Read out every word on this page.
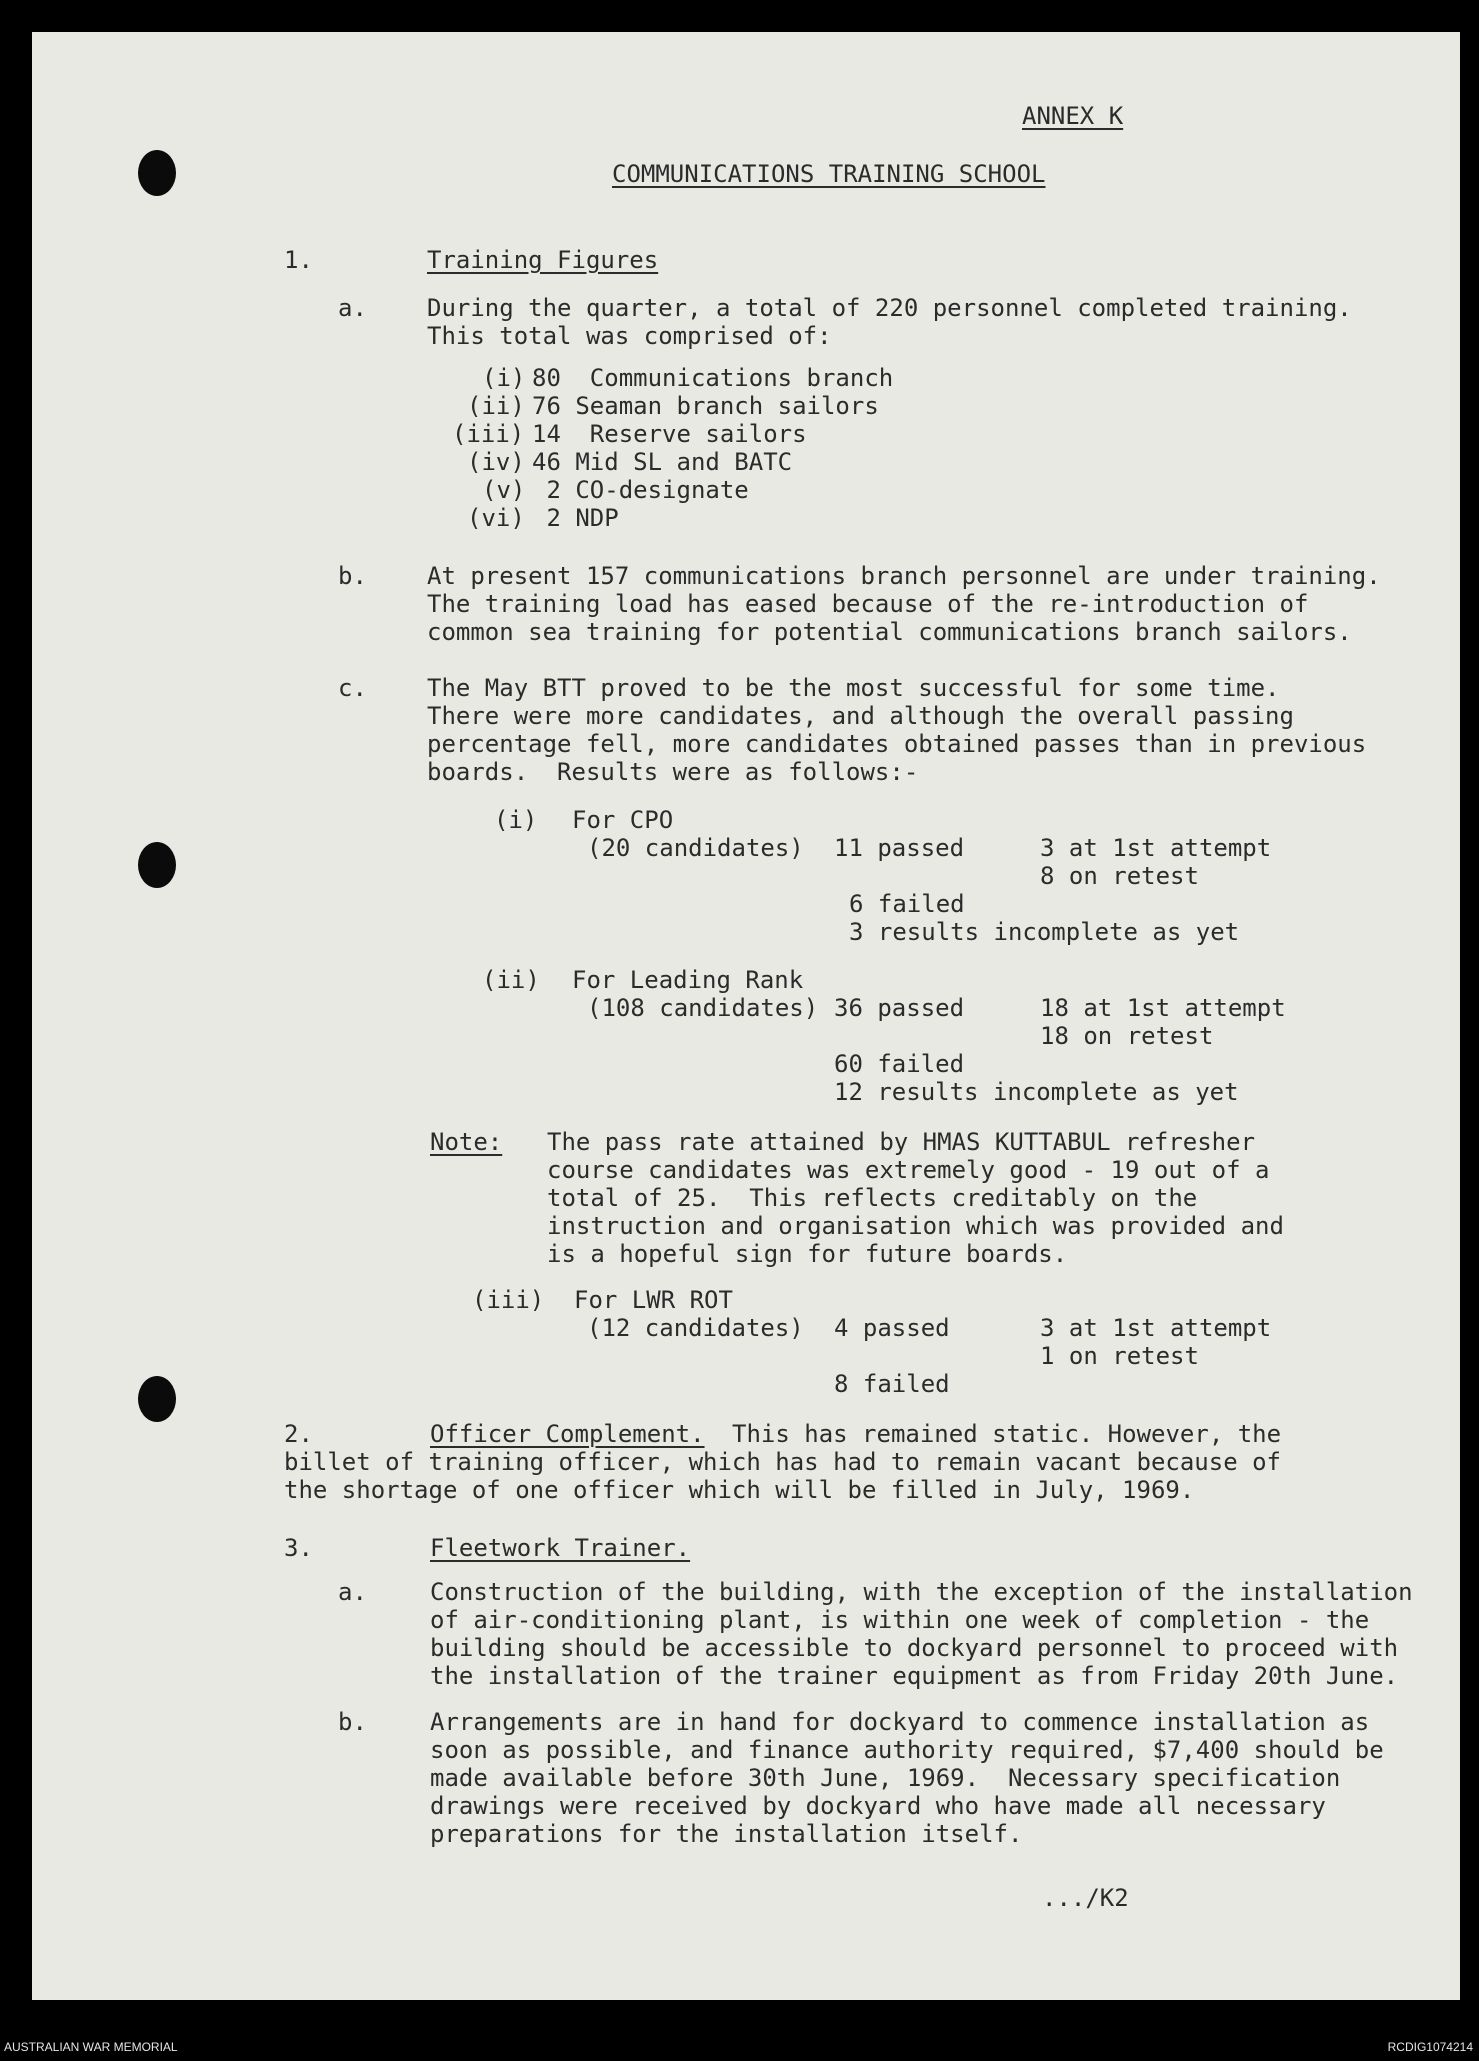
ANNEX K
COMMUNICATIONS TRAINING SCHOOL
1.	Training Figures
a.	During the quarter, a total of 220 personnel completed training.
This total was comprised of:
(i) 80  Communications branch
(ii) 76 Seaman branch sailors
(iii) 14  Reserve sailors
(iv) 46 Mid SL and BATC
(v) 2 CO-designate
(vi) 2 NDP
b.	At present 157 communications branch personnel are under training.
The training load has eased because of the re-introduction of
common sea training for potential communications branch sailors.
c.	The May BTT proved to be the most successful for some time.
There were more candidates, and although the overall passing
percentage fell, more candidates obtained passes than in previous
boards.  Results were as follows:-
(i) For CPO
(20 candidates) 11 passed	3 at 1st attempt
8 on retest
6 failed
3 results incomplete as yet
(ii) For Leading Rank
(108 candidates) 36 passed	18 at 1st attempt
18 on retest
60 failed
12 results incomplete as yet
Note: The pass rate attained by HMAS KUTTABUL refresher
course candidates was extremely good - 19 out of a
total of 25.  This reflects creditably on the
instruction and organisation which was provided and
is a hopeful sign for future boards.
(iii) For LWR ROT
(12 candidates) 4 passed	3 at 1st attempt
1 on retest
8 failed
2.	Officer Complement. This has remained static. However, the
billet of training officer, which has had to remain vacant because of
the shortage of one officer which will be filled in July, 1969.
3.	Fleetwork Trainer.
a.	Construction of the building, with the exception of the installation
of air-conditioning plant, is within one week of completion - the
building should be accessible to dockyard personnel to proceed with
the installation of the trainer equipment as from Friday 20th June.
b.	Arrangements are in hand for dockyard to commence installation as
soon as possible, and finance authority required, $7,400 should be
made available before 30th June, 1969.  Necessary specification
drawings were received by dockyard who have made all necessary
preparations for the installation itself.
.../K2
AUSTRALIAN WAR MEMORIAL	RCDIG1074214
